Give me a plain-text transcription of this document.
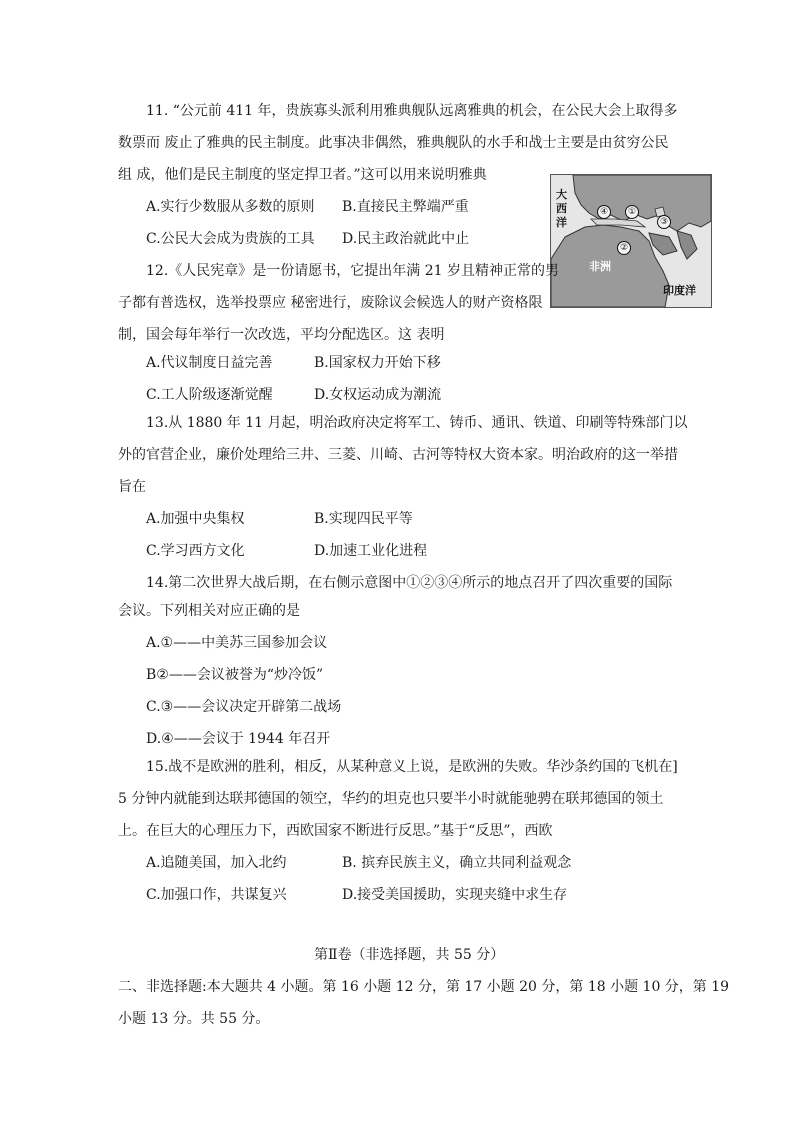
11. “公元前 411 年，贵族寡头派利用雅典舰队远离雅典的机会，在公民大会上取得多
数票而 废止了雅典的民主制度。此事决非偶然，雅典舰队的水手和战士主要是由贫穷公民
组 成，他们是民主制度的坚定捍卫者。”这可以用来说明雅典
A.实行少数服从多数的原则 B.直接民主弊端严重
C.公民大会成为贵族的工具 D.民主政治就此中止
大
西
洋
非洲
印度洋
①
②
③
④
12.《人民宪章》是一份请愿书，它提出年满 21 岁且精神正常的男
子都有普选权，选举投票应 秘密进行，废除议会候选人的财产资格限
制，国会每年举行一次改选，平均分配选区。这 表明
A.代议制度日益完善	B.国家权力开始下移
C.工人阶级逐渐觉醒	D.女权运动成为潮流
13.从 1880 年 11 月起，明治政府决定将军工、铸币、通讯、铁道、印刷等特殊部门以
外的官营企业，廉价处理给三井、三菱、川崎、古河等特权大资本家。明治政府的这一举措
旨在
A.加强中央集权	B.实现四民平等
C.学习西方文化	D.加速工业化进程
14.第二次世界大战后期，在右侧示意图中①②③④所示的地点召开了四次重要的国际
会议。下列相关对应正确的是
A.①——中美苏三国参加会议
B②——会议被誉为“炒冷饭”
C.③——会议决定开辟第二战场
D.④——会议于 1944 年召开
15.战不是欧洲的胜利，相反，从某种意义上说，是欧洲的失败。华沙条约国的飞机在]
5 分钟内就能到达联邦德国的领空，华约的坦克也只要半小时就能驰骋在联邦德国的领土
上。在巨大的心理压力下，西欧国家不断进行反思。”基于“反思”，西欧
A.追随美国，加入北约	B. 摈弃民族主义，确立共同利益观念
C.加强口作，共谋复兴	D.接受美国援助，实现夹缝中求生存
第Ⅱ卷（非选择题，共 55 分）
二、非选择题:本大题共 4 小题。第 16 小题 12 分，第 17 小题 20 分，第 18 小题 10 分，第 19
小题 13 分。共 55 分。
